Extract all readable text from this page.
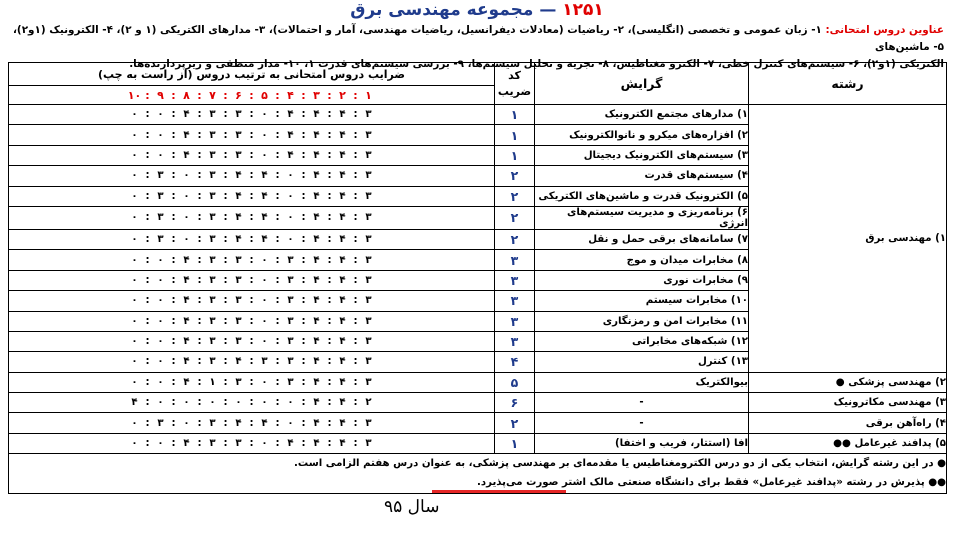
۱۲۵۱ — مجموعه مهندسی برق
عناوین دروس امتحانی: ۱- زبان عمومی و تخصصی (انگلیسی)، ۲- ریاضیات (معادلات دیفرانسیل، ریاضیات مهندسی، آمار و احتمالات)، ۳- مدارهای الکتریکی (۱ و ۲)، ۴- الکترونیک (۱و۲)، ۵- ماشین‌های
الکتریکی (۱و۲)، ۶- سیستم‌های کنترل خطی، ۷- الکترو مغناطیس، ۸- تجزیه و تحلیل سیستم‌ها، ۹- بررسی سیستم‌های قدرت ۱، ۱۰- مدار منطقی و ریزپردازنده‌ها.
رشته	گرایش	کد ضریب	ضرایب دروس امتحانی به ترتیب دروس (از راست به چپ)
			۱:۲:۳:۴:۵:۶:۷:۸:۹:۱۰
۱) مهندسی برق	۱) مدارهای مجتمع الکترونیک	۱	۳:۴:۴:۴:۰:۳:۳:۴:۰:۰
	۲) افزاره‌های میکرو و نانوالکترونیک	۱	۳:۴:۴:۴:۰:۳:۳:۴:۰:۰
	۳) سیستم‌های الکترونیک دیجیتال	۱	۳:۴:۴:۴:۰:۳:۳:۴:۰:۰
	۴) سیستم‌های قدرت	۲	۳:۴:۴:۰:۴:۴:۳:۰:۳:۰
	۵) الکترونیک قدرت و ماشین‌های الکتریکی	۲	۳:۴:۴:۰:۴:۴:۳:۰:۳:۰
	۶) برنامه‌ریزی و مدیریت سیستم‌های انرژی	۲	۳:۴:۴:۰:۴:۴:۳:۰:۳:۰
	۷) سامانه‌های برقی حمل و نقل	۲	۳:۴:۴:۰:۴:۴:۳:۰:۳:۰
	۸) مخابرات میدان و موج	۳	۳:۴:۴:۳:۰:۳:۳:۴:۰:۰
	۹) مخابرات نوری	۳	۳:۴:۴:۳:۰:۳:۳:۴:۰:۰
	۱۰) مخابرات سیستم	۳	۳:۴:۴:۳:۰:۳:۳:۴:۰:۰
	۱۱) مخابرات امن و رمزنگاری	۳	۳:۴:۴:۳:۰:۳:۳:۴:۰:۰
	۱۲) شبکه‌های مخابراتی	۳	۳:۴:۴:۳:۰:۳:۳:۴:۰:۰
	۱۳) کنترل	۴	۳:۴:۴:۳:۳:۴:۳:۴:۰:۰
۲) مهندسی پزشکی ●	بیوالکتریک	۵	۳:۴:۴:۳:۰:۳:۱:۴:۰:۰
۳) مهندسی مکاترونیک	-	۶	۲:۴:۴:۰:۰:۰:۰:۰:۰:۴
۴) راه‌آهن برقی	-	۲	۳:۴:۴:۰:۴:۴:۳:۰:۳:۰
۵) پدافند غیرعامل ●●	افا (استتار، فریب و اختفا)	۱	۳:۴:۴:۴:۰:۳:۳:۴:۰:۰
● در این رشته گرایش، انتخاب یکی از دو درس الکترومغناطیس یا مقدمه‌ای بر مهندسی پزشکی، به عنوان درس هفتم الزامی است.			
●● پذیرش در رشته «پدافند غیرعامل» فقط برای دانشگاه صنعتی مالک اشتر صورت می‌پذیرد.			
سال ۹۵
